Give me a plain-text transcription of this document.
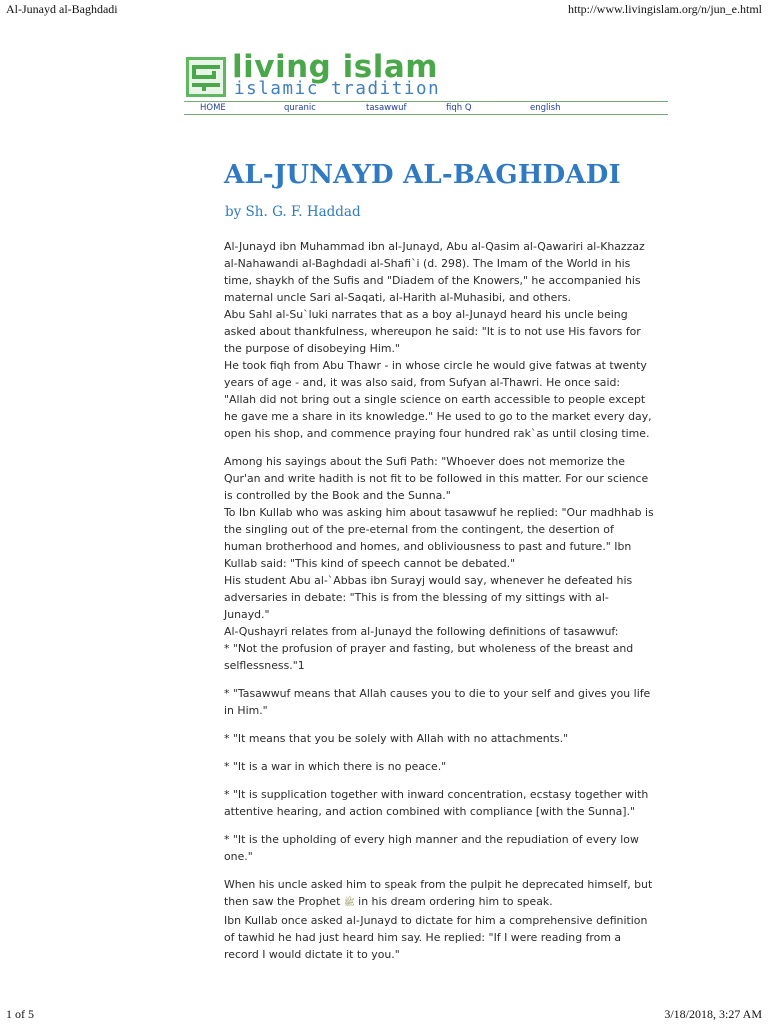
Al-Junayd al-Baghdadi	http://www.livingislam.org/n/jun_e.html
living islam
islamic tradition
HOME	quranic	tasawwuf	fiqh Q	english
AL-JUNAYD AL-BAGHDADI
by Sh. G. F. Haddad

Al-Junayd ibn Muhammad ibn al-Junayd, Abu al-Qasim al-Qawariri al-Khazzaz al-Nahawandi al-Baghdadi al-Shafi`i (d. 298). The Imam of the World in his time, shaykh of the Sufis and "Diadem of the Knowers," he accompanied his maternal uncle Sari al-Saqati, al-Harith al-Muhasibi, and others.

Abu Sahl al-Su`luki narrates that as a boy al-Junayd heard his uncle being asked about thankfulness, whereupon he said: "It is to not use His favors for the purpose of disobeying Him."

He took fiqh from Abu Thawr - in whose circle he would give fatwas at twenty years of age - and, it was also said, from Sufyan al-Thawri. He once said: "Allah did not bring out a single science on earth accessible to people except he gave me a share in its knowledge." He used to go to the market every day, open his shop, and commence praying four hundred rak`as until closing time.

Among his sayings about the Sufi Path: "Whoever does not memorize the Qur'an and write hadith is not fit to be followed in this matter. For our science is controlled by the Book and the Sunna."

To Ibn Kullab who was asking him about tasawwuf he replied: "Our madhhab is the singling out of the pre-eternal from the contingent, the desertion of human brotherhood and homes, and obliviousness to past and future." Ibn Kullab said: "This kind of speech cannot be debated."

His student Abu al-`Abbas ibn Surayj would say, whenever he defeated his adversaries in debate: "This is from the blessing of my sittings with al-Junayd."

Al-Qushayri relates from al-Junayd the following definitions of tasawwuf:

* "Not the profusion of prayer and fasting, but wholeness of the breast and selflessness."1

* "Tasawwuf means that Allah causes you to die to your self and gives you life in Him."

* "It means that you be solely with Allah with no attachments."

* "It is a war in which there is no peace."

* "It is supplication together with inward concentration, ecstasy together with attentive hearing, and action combined with compliance [with the Sunna]."

* "It is the upholding of every high manner and the repudiation of every low one."

When his uncle asked him to speak from the pulpit he deprecated himself, but then saw the Prophet ﷺ in his dream ordering him to speak.

Ibn Kullab once asked al-Junayd to dictate for him a comprehensive definition of tawhid he had just heard him say. He replied: "If I were reading from a record I would dictate it to you."

1 of 5	3/18/2018, 3:27 AM
